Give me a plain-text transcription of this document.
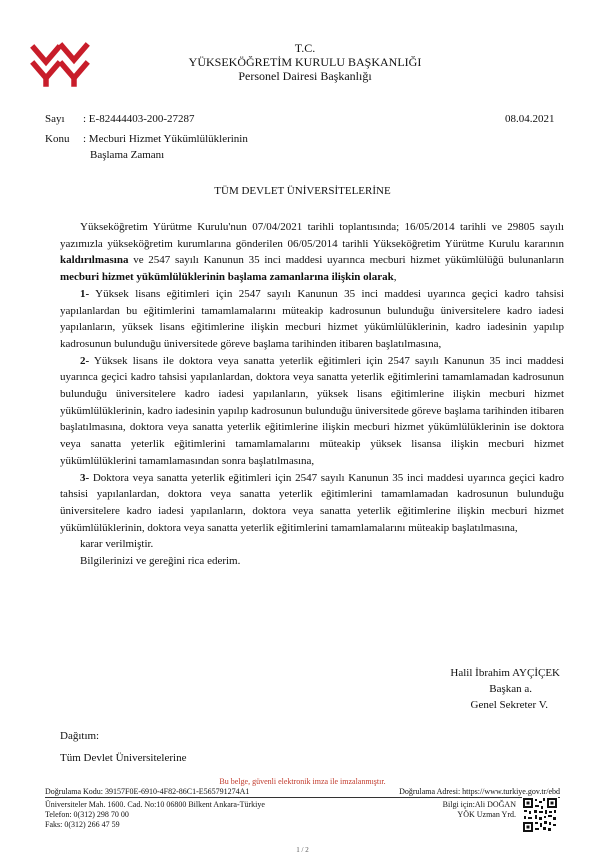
T.C.
YÜKSEKÖĞRETİM KURULU BAŞKANLIĞI
Personel Dairesi Başkanlığı
Sayı : E-82444403-200-27287	08.04.2021
Konu : Mecburi Hizmet Yükümlülüklerinin
Başlama Zamanı
TÜM DEVLET ÜNİVERSİTELERİNE

Yükseköğretim Yürütme Kurulu'nun 07/04/2021 tarihli toplantısında; 16/05/2014 tarihli ve 29805 sayılı yazımızla yükseköğretim kurumlarına gönderilen 06/05/2014 tarihli Yükseköğretim Yürütme Kurulu kararının kaldırılmasına ve 2547 sayılı Kanunun 35 inci maddesi uyarınca mecburi hizmet yükümlülüğü bulunanların mecburi hizmet yükümlülüklerinin başlama zamanlarına ilişkin olarak,

1- Yüksek lisans eğitimleri için 2547 sayılı Kanunun 35 inci maddesi uyarınca geçici kadro tahsisi yapılanlardan bu eğitimlerini tamamlamalarını müteakip kadrosunun bulunduğu üniversitelere kadro iadesi yapılanların, yüksek lisans eğitimlerine ilişkin mecburi hizmet yükümlülüklerinin, kadro iadesinin yapılıp kadrosunun bulunduğu üniversitede göreve başlama tarihinden itibaren başlatılmasına,

2- Yüksek lisans ile doktora veya sanatta yeterlik eğitimleri için 2547 sayılı Kanunun 35 inci maddesi uyarınca geçici kadro tahsisi yapılanlardan, doktora veya sanatta yeterlik eğitimlerini tamamlamadan kadrosunun bulunduğu üniversitelere kadro iadesi yapılanların, yüksek lisans eğitimlerine ilişkin mecburi hizmet yükümlülüklerinin, kadro iadesinin yapılıp kadrosunun bulunduğu üniversitede göreve başlama tarihinden itibaren başlatılmasına, doktora veya sanatta yeterlik eğitimlerine ilişkin mecburi hizmet yükümlülüklerinin ise doktora veya sanatta yeterlik eğitimlerini tamamlamalarını müteakip yüksek lisansa ilişkin mecburi hizmet yükümlülüklerini tamamlamasından sonra başlatılmasına,

3- Doktora veya sanatta yeterlik eğitimleri için 2547 sayılı Kanunun 35 inci maddesi uyarınca geçici kadro tahsisi yapılanlardan, doktora veya sanatta yeterlik eğitimlerini tamamlamadan kadrosunun bulunduğu üniversitelere kadro iadesi yapılanların, doktora veya sanatta yeterlik eğitimlerine ilişkin mecburi hizmet yükümlülüklerinin, doktora veya sanatta yeterlik eğitimlerini tamamlamalarını müteakip başlatılmasına,

karar verilmiştir.

Bilgilerinizi ve gereğini rica ederim.

Halil İbrahim AYÇİÇEK
Başkan a.
Genel Sekreter V.
Dağıtım:
Tüm Devlet Üniversitelerine
Bu belge, güvenli elektronik imza ile imzalanmıştır.
Doğrulama Kodu: 39157F0E-6910-4F82-86C1-E565791274A1	Doğrulama Adresi: https://www.turkiye.gov.tr/ebd
Üniversiteler Mah. 1600. Cad. No:10 06800 Bilkent Ankara-Türkiye
Telefon: 0(312) 298 70 00
Faks: 0(312) 266 47 59
Bilgi için:Ali DOĞAN
YÖK Uzman Yrd.
1 / 2
